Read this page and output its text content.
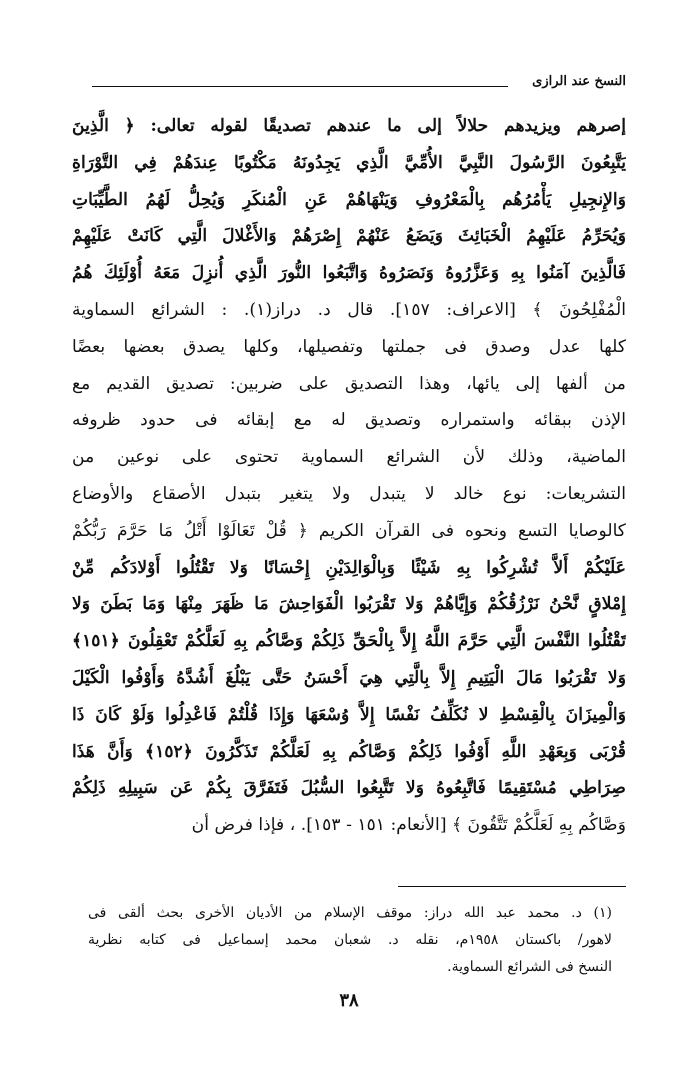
النسخ عند الرازى
إصرهم ويزيدهم حلالاً إلى ما عندهم تصديقًا لقوله تعالى: ﴿ الَّذِينَ
يَتَّبِعُونَ الرَّسُولَ النَّبِيَّ الأُمِّيَّ الَّذِي يَجِدُونَهُ مَكْتُوبًا عِندَهُمْ فِي التَّوْرَاةِ
وَالإِنجِيلِ يَأْمُرُهُم بِالْمَعْرُوفِ وَيَنْهَاهُمْ عَنِ الْمُنكَرِ وَيُحِلُّ لَهُمُ الطَّيِّبَاتِ
وَيُحَرِّمُ عَلَيْهِمُ الْخَبَائِثَ وَيَضَعُ عَنْهُمْ إِصْرَهُمْ وَالأَغْلالَ الَّتِي كَانَتْ عَلَيْهِمْ
فَالَّذِينَ آمَنُوا بِهِ وَعَزَّرُوهُ وَنَصَرُوهُ وَاتَّبَعُوا النُّورَ الَّذِي أُنزِلَ مَعَهُ أُوْلَئِكَ هُمُ
الْمُفْلِحُونَ ﴾ [الاعراف: ١٥٧]. قال د. دراز(١). : الشرائع السماوية
كلها عدل وصدق فى جملتها وتفصيلها، وكلها يصدق بعضها بعضًا
من ألفها إلى يائها، وهذا التصديق على ضربين: تصديق القديم مع
الإذن ببقائه واستمراره وتصديق له مع إبقائه فى حدود ظروفه
الماضية، وذلك لأن الشرائع السماوية تحتوى على نوعين من
التشريعات: نوع خالد لا يتبدل ولا يتغير بتبدل الأصقاع والأوضاع
كالوصايا التسع ونحوه فى القرآن الكريم ﴿ قُلْ تَعَالَوْا أَتْلُ مَا حَرَّمَ رَبُّكُمْ
عَلَيْكُمْ أَلاَّ تُشْرِكُوا بِهِ شَيْئًا وَبِالْوَالِدَيْنِ إِحْسَانًا وَلا تَقْتُلُوا أَوْلادَكُم مِّنْ
إِمْلاقٍ نَّحْنُ نَرْزُقُكُمْ وَإِيَّاهُمْ وَلا تَقْرَبُوا الْفَوَاحِشَ مَا ظَهَرَ مِنْهَا وَمَا بَطَنَ وَلا
تَقْتُلُوا النَّفْسَ الَّتِي حَرَّمَ اللَّهُ إِلاَّ بِالْحَقِّ ذَلِكُمْ وَصَّاكُم بِهِ لَعَلَّكُمْ تَعْقِلُونَ ﴿١٥١﴾
وَلا تَقْرَبُوا مَالَ الْيَتِيمِ إِلاَّ بِالَّتِي هِيَ أَحْسَنُ حَتَّى يَبْلُغَ أَشُدَّهُ وَأَوْفُوا الْكَيْلَ
وَالْمِيزَانَ بِالْقِسْطِ لا نُكَلِّفُ نَفْسًا إِلاَّ وُسْعَهَا وَإِذَا قُلْتُمْ فَاعْدِلُوا وَلَوْ كَانَ ذَا
قُرْبَى وَبِعَهْدِ اللَّهِ أَوْفُوا ذَلِكُمْ وَصَّاكُم بِهِ لَعَلَّكُمْ تَذَكَّرُونَ ﴿١٥٢﴾ وَأَنَّ هَذَا
صِرَاطِي مُسْتَقِيمًا فَاتَّبِعُوهُ وَلا تَتَّبِعُوا السُّبُلَ فَتَفَرَّقَ بِكُمْ عَن سَبِيلِهِ ذَلِكُمْ
وَصَّاكُم بِهِ لَعَلَّكُمْ تَتَّقُونَ ﴾ [الأنعام: ١٥١ - ١٥٣]. ، فإذا فرض أن
(١) د. محمد عبد الله دراز: موقف الإسلام من الأديان الأخرى بحث ألقى فى
لاهور/ باكستان ١٩٥٨م، نقله د. شعبان محمد إسماعيل فى كتابه نظرية
النسخ فى الشرائع السماوية.
٣٨
